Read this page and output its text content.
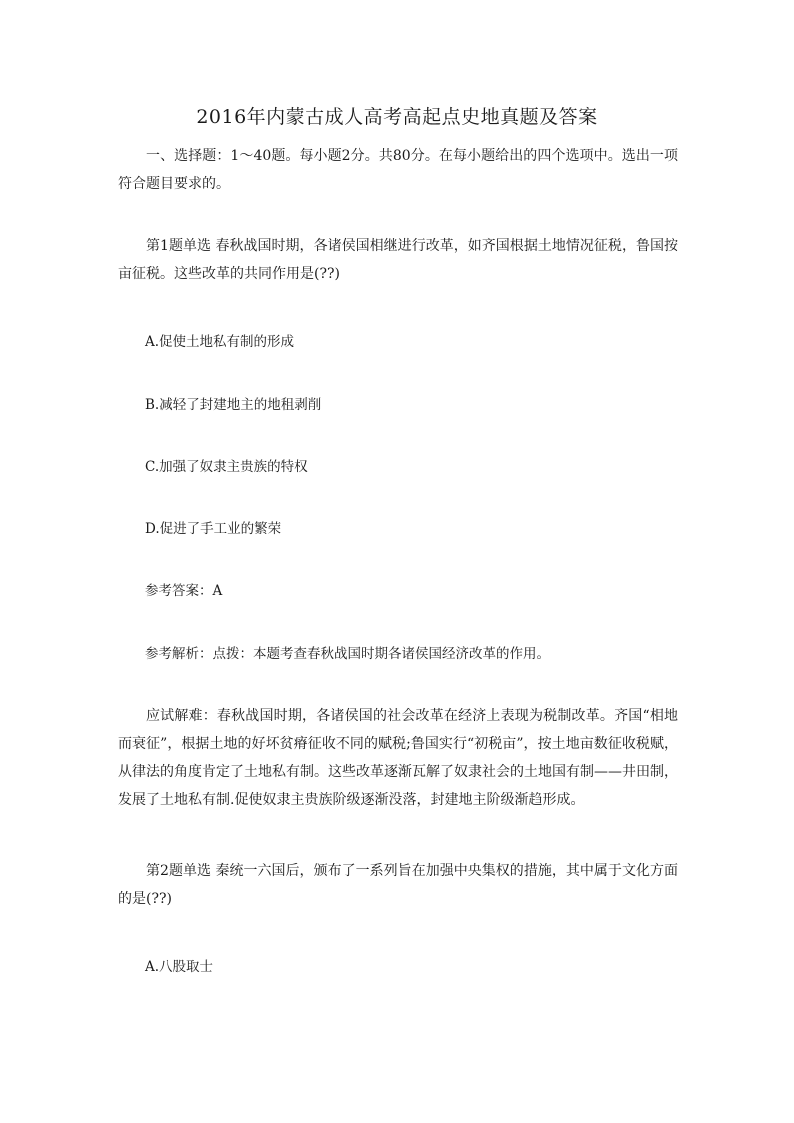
2016年内蒙古成人高考高起点史地真题及答案

一、选择题：1～40题。每小题2分。共80分。在每小题给出的四个选项中。选出一项符合题目要求的。

第1题单选 春秋战国时期，各诸侯国相继进行改革，如齐国根据土地情况征税，鲁国按亩征税。这些改革的共同作用是(??)

A.促使土地私有制的形成

B.减轻了封建地主的地租剥削

C.加强了奴隶主贵族的特权

D.促进了手工业的繁荣

参考答案：A

参考解析：点拨：本题考查春秋战国时期各诸侯国经济改革的作用。

应试解难：春秋战国时期，各诸侯国的社会改革在经济上表现为税制改革。齐国“相地而衰征”，根据土地的好坏贫瘠征收不同的赋税;鲁国实行“初税亩”，按土地亩数征收税赋，从律法的角度肯定了土地私有制。这些改革逐渐瓦解了奴隶社会的土地国有制——井田制，发展了土地私有制.促使奴隶主贵族阶级逐渐没落，封建地主阶级渐趋形成。

第2题单选 秦统一六国后，颁布了一系列旨在加强中央集权的措施，其中属于文化方面的是(??)

A.八股取士
